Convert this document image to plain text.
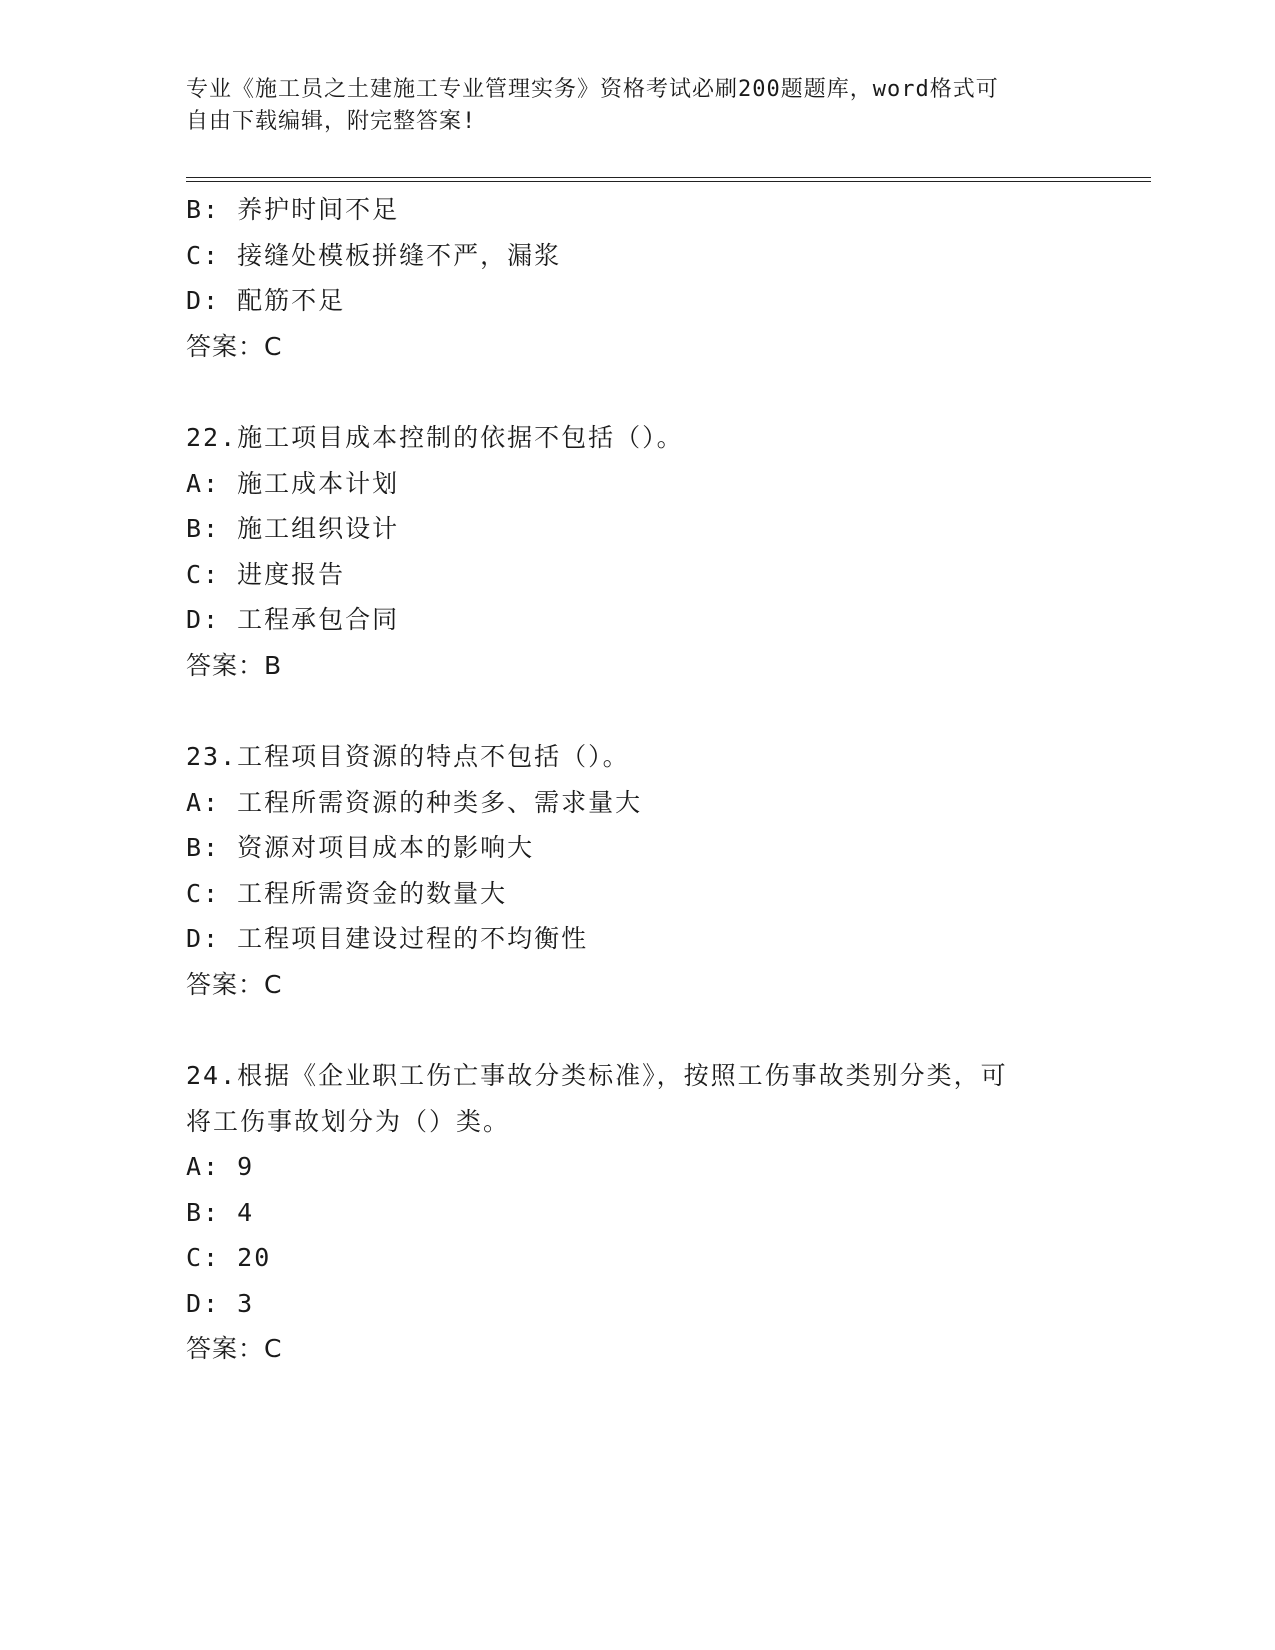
专业《施工员之土建施工专业管理实务》资格考试必刷200题题库，word格式可
自由下载编辑，附完整答案!
B: 养护时间不足
C: 接缝处模板拼缝不严，漏浆
D: 配筋不足
答案：C
22.施工项目成本控制的依据不包括（）。
A: 施工成本计划
B: 施工组织设计
C: 进度报告
D: 工程承包合同
答案：B
23.工程项目资源的特点不包括（）。
A: 工程所需资源的种类多、需求量大
B: 资源对项目成本的影响大
C: 工程所需资金的数量大
D: 工程项目建设过程的不均衡性
答案：C
24.根据《企业职工伤亡事故分类标准》，按照工伤事故类别分类，可
将工伤事故划分为（）类。
A: 9
B: 4
C: 20
D: 3
答案：C
